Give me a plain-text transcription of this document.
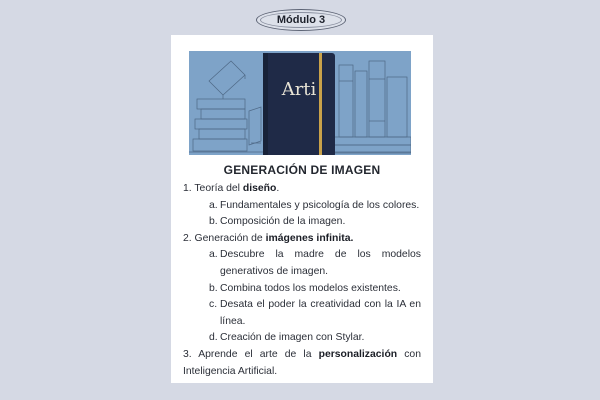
Módulo 3
Arti
GENERACIÓN DE IMAGEN
1. Teoría del diseño.
a. Fundamentales y psicología de los colores.
b. Composición de la imagen.
2. Generación de imágenes infinita.
a. Descubre la madre de los modelos generativos de imagen.
b. Combina todos los modelos existentes.
c. Desata el poder la creatividad con la IA en línea.
d. Creación de imagen con Stylar.
3. Aprende el arte de la personalización con Inteligencia Artificial.
